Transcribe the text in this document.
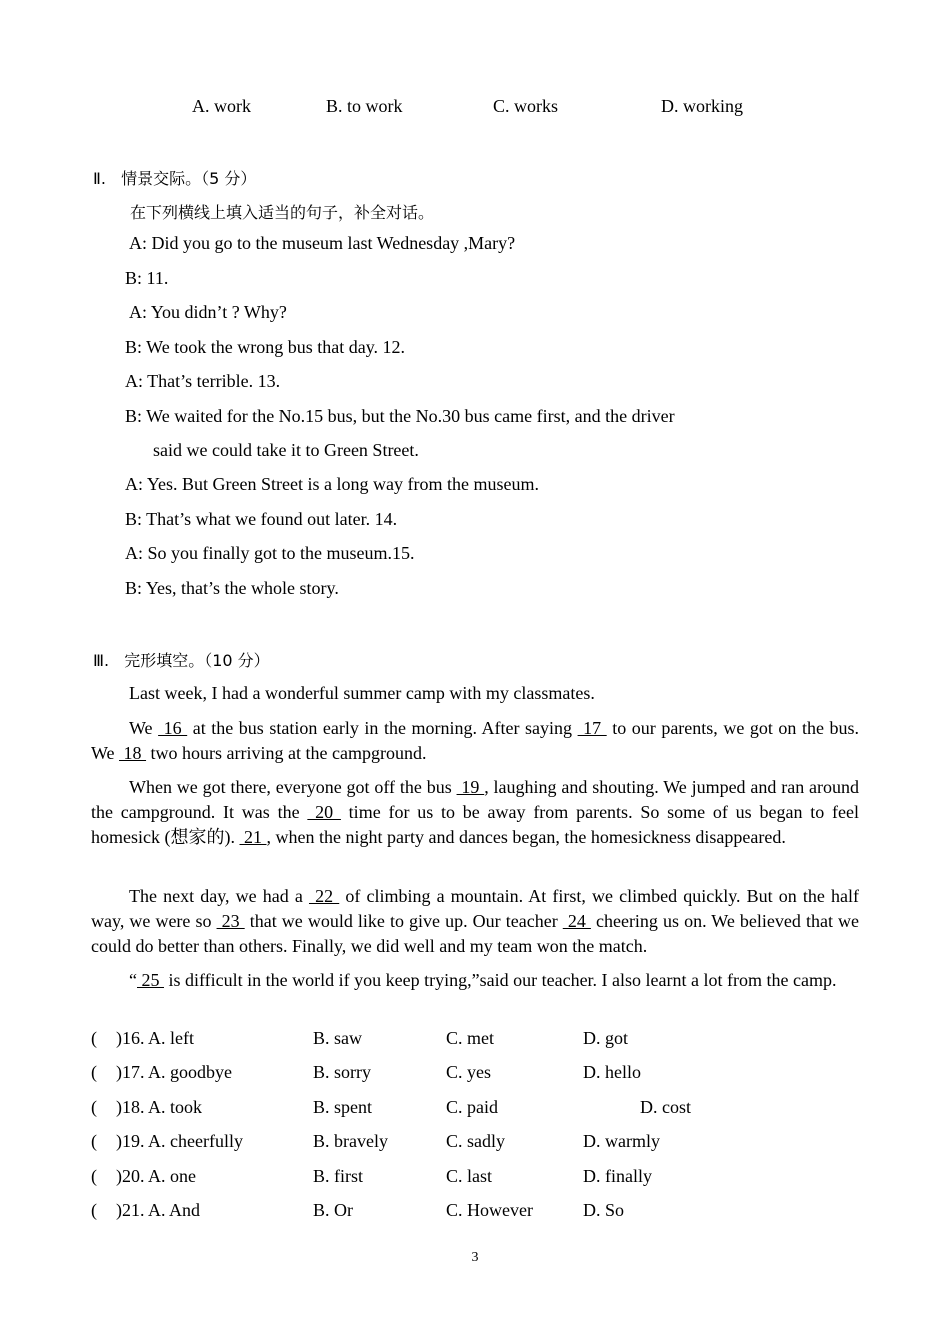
A. work	B. to work	C. works	D. working
Ⅱ. 情景交际。（5 分）
在下列横线上填入适当的句子，补全对话。
A: Did you go to the museum last Wednesday ,Mary?
B: 11.
A: You didn’t ? Why?
B: We took the wrong bus that day. 12.
A: That’s terrible. 13.
B: We waited for the No.15 bus, but the No.30 bus came first, and the driver
said we could take it to Green Street.
A: Yes. But Green Street is a long way from the museum.
B: That’s what we found out later. 14.
A: So you finally got to the museum.15.
B: Yes, that’s the whole story.
Ⅲ. 完形填空。（10 分）
Last week, I had a wonderful summer camp with my classmates.
We  16  at the bus station early in the morning. After saying  17  to our parents, we got on the bus. We  18  two hours arriving at the campground.
When we got there, everyone got off the bus  19 , laughing and shouting. We jumped and ran around the campground. It was the  20  time for us to be away from parents. So some of us began to feel homesick (想家的).  21 , when the night party and dances began, the homesickness disappeared.
The next day, we had a  22  of climbing a mountain. At first, we climbed quickly. But on the half way, we were so  23  that we would like to give up. Our teacher  24  cheering us on. We believed that we could do better than others. Finally, we did well and my team won the match.
“ 25  is difficult in the world if you keep trying,”said our teacher. I also learnt a lot from the camp.
( )16. A. left	B. saw	C. met	D. got
( )17. A. goodbye	B. sorry	C. yes	D. hello
( )18. A. took	B. spent	C. paid	D. cost
( )19. A. cheerfully	B. bravely	C. sadly	D. warmly
( )20. A. one	B. first	C. last	D. finally
( )21. A. And	B. Or	C. However	D. So
3
